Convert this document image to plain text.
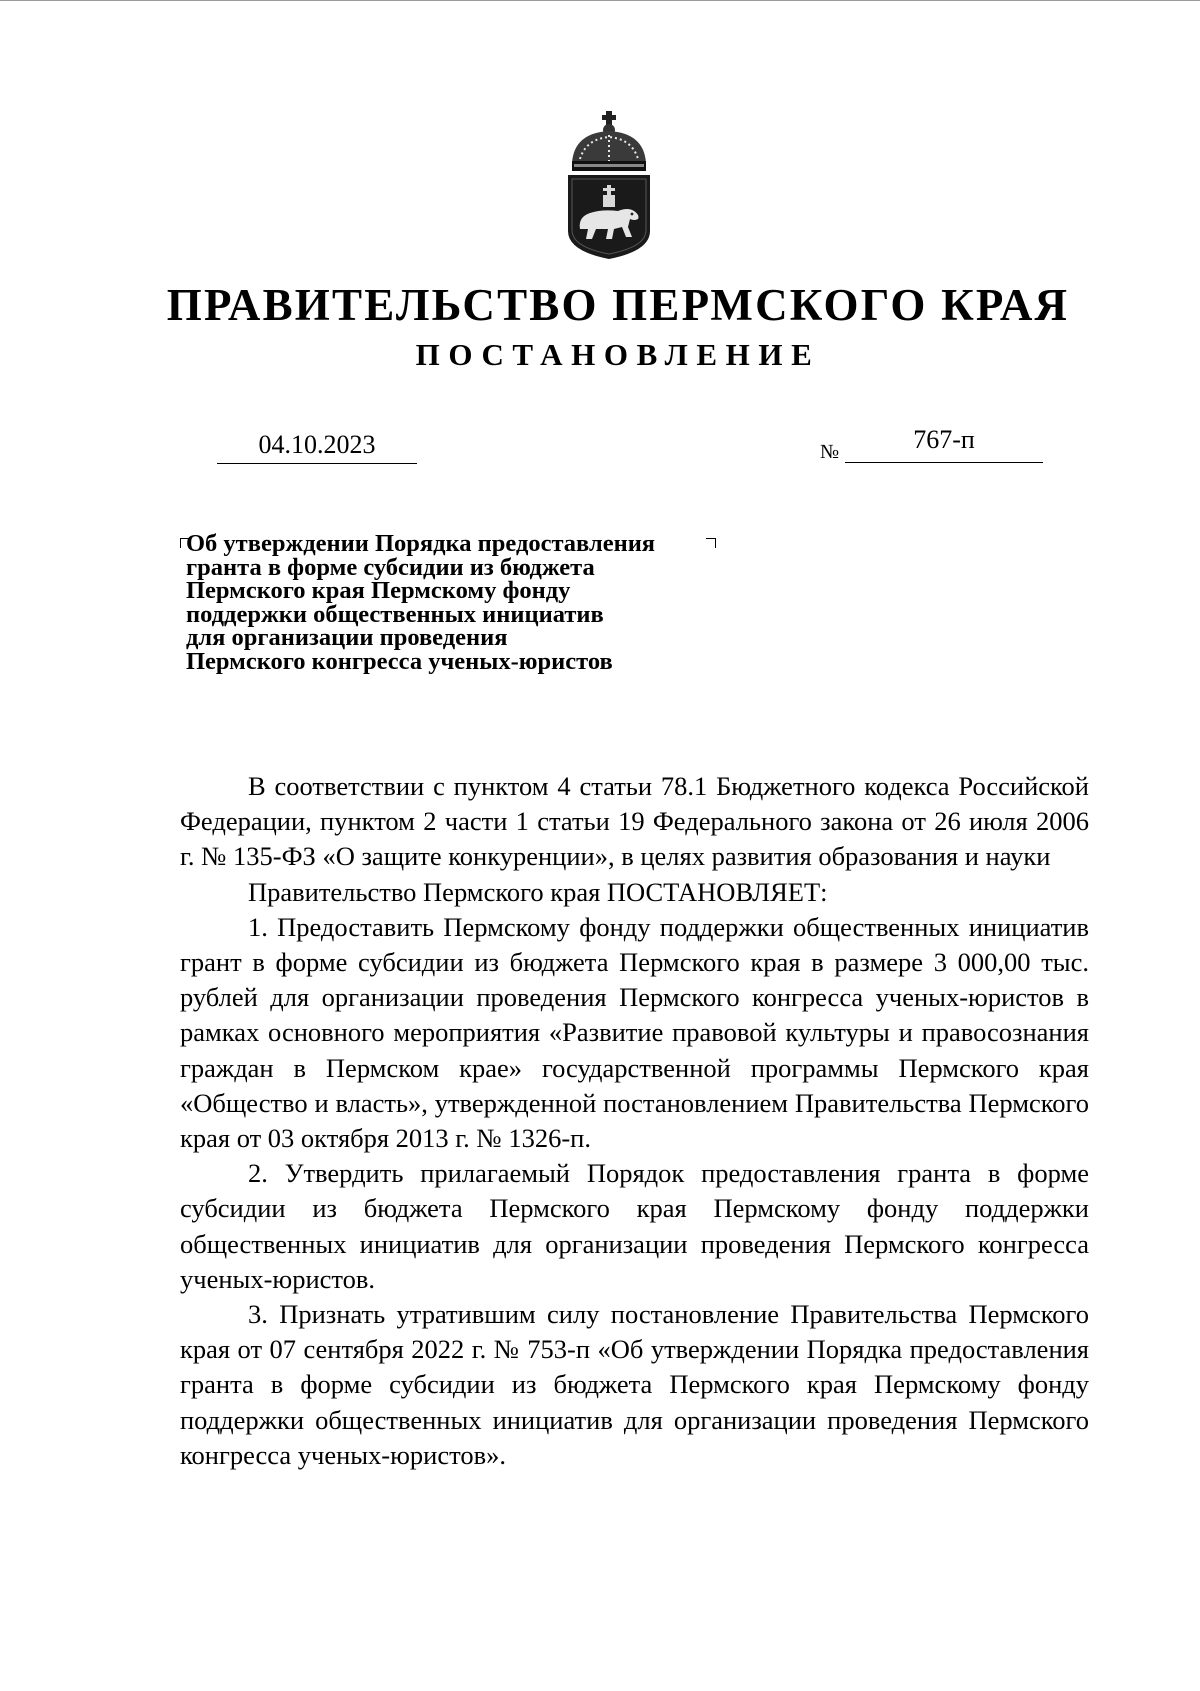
ПРАВИТЕЛЬСТВО ПЕРМСКОГО КРАЯ
ПОСТАНОВЛЕНИЕ
04.10.2023	№	767-п
Об утверждении Порядка предоставления
гранта в форме субсидии из бюджета
Пермского края Пермскому фонду
поддержки общественных инициатив
для организации проведения
Пермского конгресса ученых-юристов

В соответствии с пунктом 4 статьи 78.1 Бюджетного кодекса Российской Федерации, пунктом 2 части 1 статьи 19 Федерального закона от 26 июля 2006 г. № 135-ФЗ «О защите конкуренции», в целях развития образования и науки

Правительство Пермского края ПОСТАНОВЛЯЕТ:

1. Предоставить Пермскому фонду поддержки общественных инициатив грант в форме субсидии из бюджета Пермского края в размере 3 000,00 тыс. рублей для организации проведения Пермского конгресса ученых-юристов в рамках основного мероприятия «Развитие правовой культуры и правосознания граждан в Пермском крае» государственной программы Пермского края «Общество и власть», утвержденной постановлением Правительства Пермского края от 03 октября 2013 г. № 1326-п.

2. Утвердить прилагаемый Порядок предоставления гранта в форме субсидии из бюджета Пермского края Пермскому фонду поддержки общественных инициатив для организации проведения Пермского конгресса ученых-юристов.

3. Признать утратившим силу постановление Правительства Пермского края от 07 сентября 2022 г. № 753-п «Об утверждении Порядка предоставления гранта в форме субсидии из бюджета Пермского края Пермскому фонду поддержки общественных инициатив для организации проведения Пермского конгресса ученых-юристов».
